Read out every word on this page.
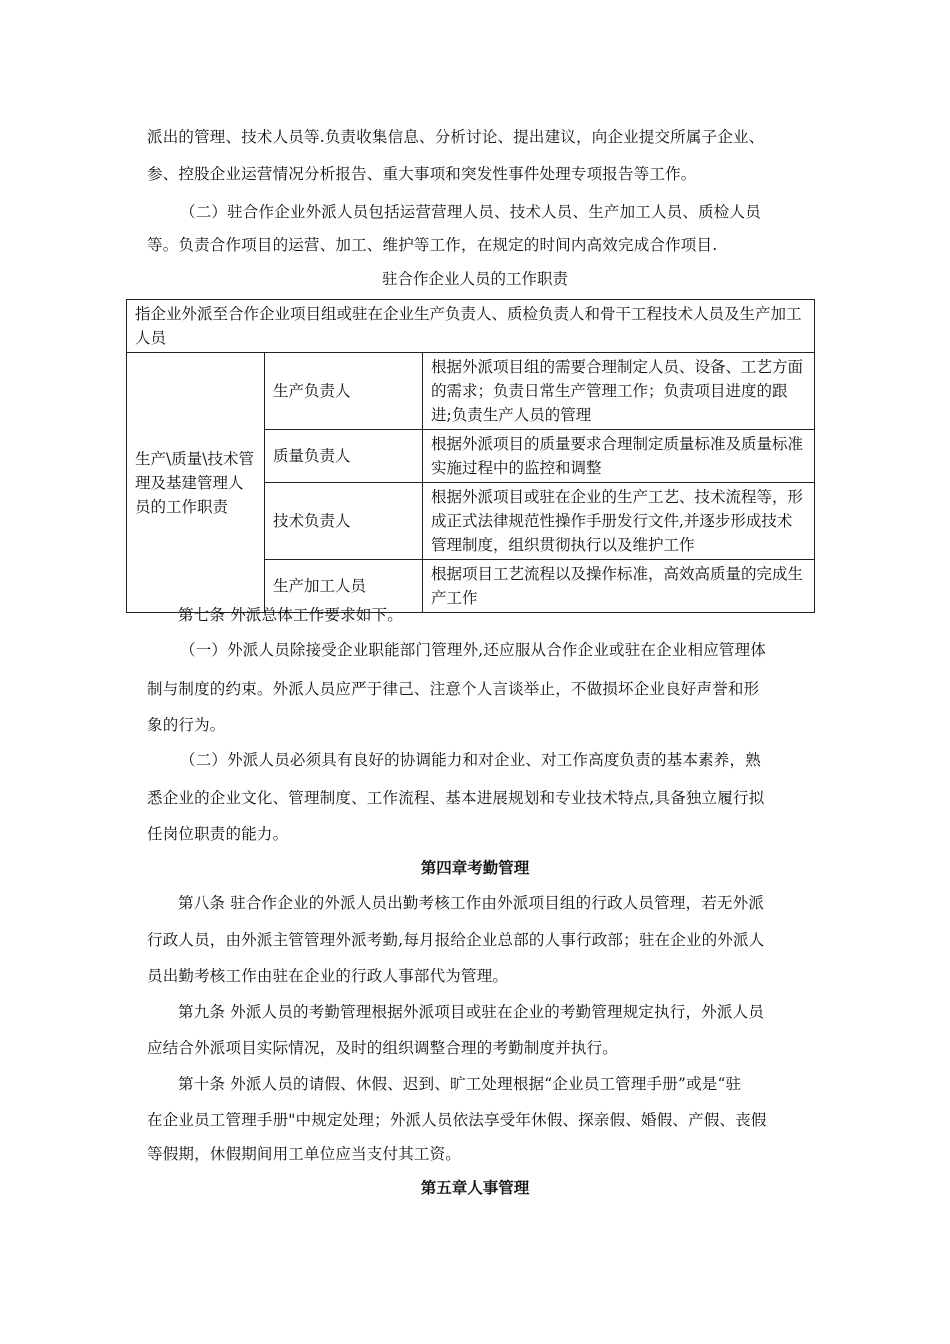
派出的管理、技术人员等.负责收集信息、分析讨论、提出建议，向企业提交所属子企业、
参、控股企业运营情况分析报告、重大事项和突发性事件处理专项报告等工作。
（二）驻合作企业外派人员包括运营营理人员、技术人员、生产加工人员、质检人员
等。负责合作项目的运营、加工、维护等工作，在规定的时间内高效完成合作项目.
驻合作企业人员的工作职责
指企业外派至合作企业项目组或驻在企业生产负责人、质检负责人和骨干工程技术人员及生产加工人员		
生产\质量\技术管理及基建管理人员的工作职责	生产负责人	根据外派项目组的需要合理制定人员、设备、工艺方面的需求；负责日常生产管理工作；负责项目进度的跟进;负责生产人员的管理
	质量负责人	根据外派项目的质量要求合理制定质量标准及质量标准实施过程中的监控和调整
	技术负责人	根据外派项目或驻在企业的生产工艺、技术流程等，形成正式法律规范性操作手册发行文件,并逐步形成技术管理制度，组织贯彻执行以及维护工作
	生产加工人员	根据项目工艺流程以及操作标准，高效高质量的完成生产工作
第七条 外派总体工作要求如下。
（一）外派人员除接受企业职能部门管理外,还应服从合作企业或驻在企业相应管理体
制与制度的约束。外派人员应严于律己、注意个人言谈举止，不做损坏企业良好声誉和形
象的行为。
（二）外派人员必须具有良好的协调能力和对企业、对工作高度负责的基本素养，熟
悉企业的企业文化、管理制度、工作流程、基本进展规划和专业技术特点,具备独立履行拟
任岗位职责的能力。
第四章考勤管理
第八条 驻合作企业的外派人员出勤考核工作由外派项目组的行政人员管理，若无外派
行政人员，由外派主管管理外派考勤,每月报给企业总部的人事行政部；驻在企业的外派人
员出勤考核工作由驻在企业的行政人事部代为管理。
第九条 外派人员的考勤管理根据外派项目或驻在企业的考勤管理规定执行，外派人员
应结合外派项目实际情况，及时的组织调整合理的考勤制度并执行。
第十条 外派人员的请假、休假、迟到、旷工处理根据“企业员工管理手册”或是“驻
在企业员工管理手册"中规定处理；外派人员依法享受年休假、探亲假、婚假、产假、丧假
等假期，休假期间用工单位应当支付其工资。
第五章人事管理
